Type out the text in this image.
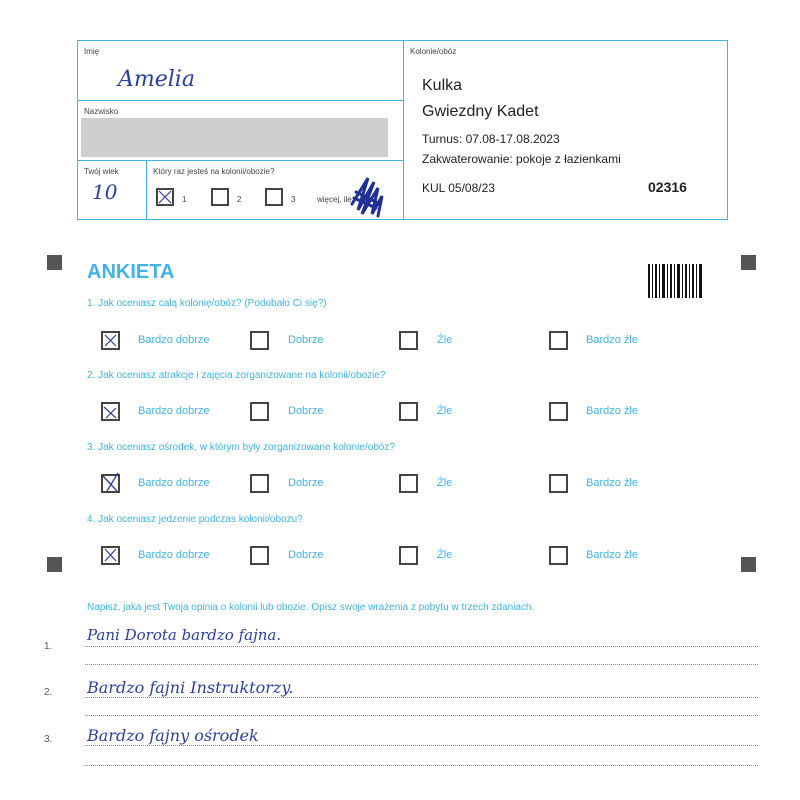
Imię
Amelia
Nazwisko
Twój wiek
10
Który raz jesteś na kolonii/obozie?
1	2	3	więcej, ile
Kolonie/obóz
Kulka
Gwiezdny Kadet
Turnus: 07.08-17.08.2023
Zakwaterowanie: pokoje z łazienkami
KUL 05/08/23	02316
ANKIETA
1. Jak oceniasz całą kolonię/obóz? (Podobało Ci się?)
Bardzo dobrze	Dobrze	Źle	Bardzo źle
2. Jak oceniasz atrakcje i zajęcia zorganizowane na kolonii/obozie?
Bardzo dobrze	Dobrze	Źle	Bardzo źle
3. Jak oceniasz ośrodek, w którym były zorganizowane kolonie/obóz?
Bardzo dobrze	Dobrze	Źle	Bardzo źle
4. Jak oceniasz jedzenie podczas kolonii/obozu?
Bardzo dobrze	Dobrze	Źle	Bardzo źle
Napisz, jaka jest Twoja opinia o kolonii lub obozie. Opisz swoje wrażenia z pobytu w trzech zdaniach.
1.
Pani Dorota bardzo fajna.
2. Bardzo fajni Instruktorzy.
3. Bardzo fajny ośrodek
